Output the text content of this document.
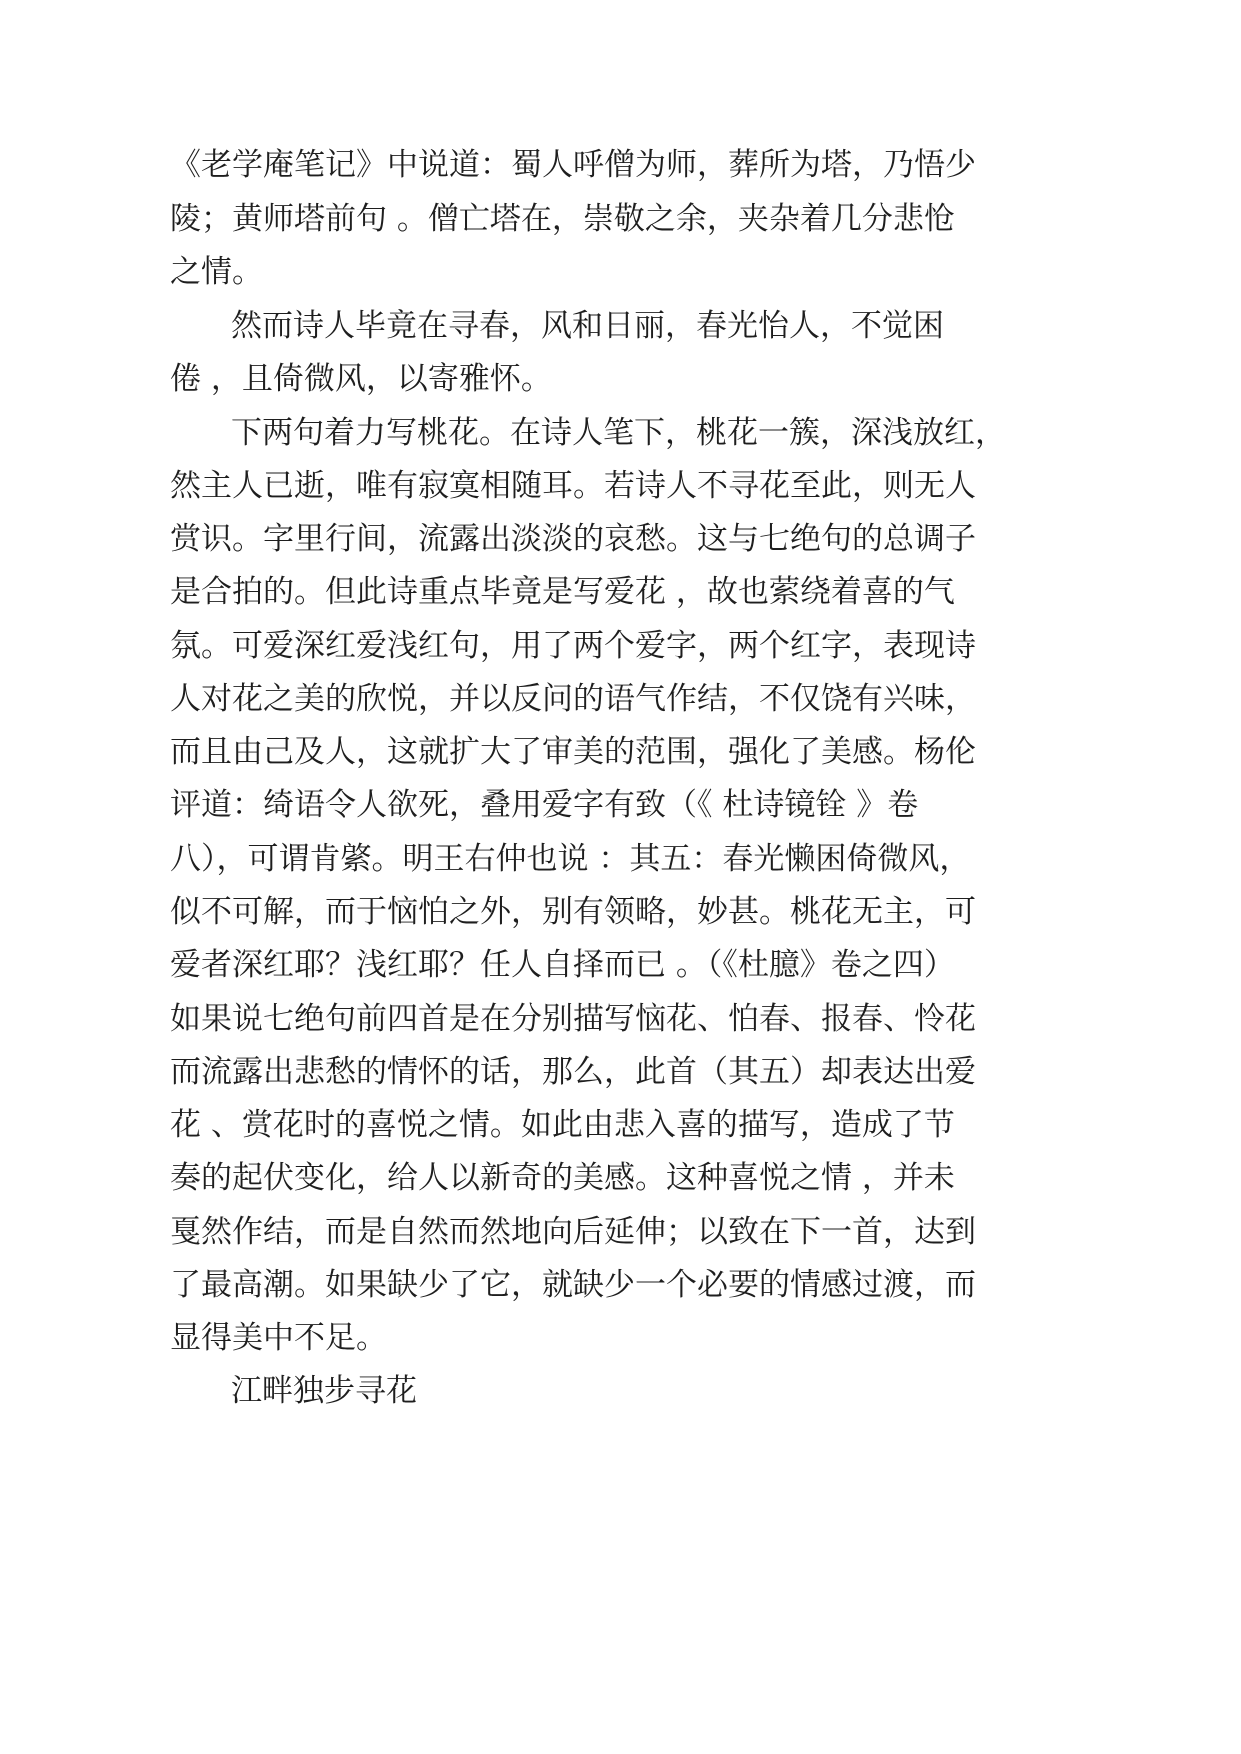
《老学庵笔记》中说道：蜀人呼僧为师，葬所为塔，乃悟少

陵；黄师塔前句 。僧亡塔在，崇敬之余，夹杂着几分悲怆

之情。

然而诗人毕竟在寻春，风和日丽，春光怡人，不觉困

倦 ，且倚微风，以寄雅怀。

下两句着力写桃花。在诗人笔下，桃花一簇，深浅放红，

然主人已逝，唯有寂寞相随耳。若诗人不寻花至此，则无人

赏识。字里行间，流露出淡淡的哀愁。这与七绝句的总调子

是合拍的。但此诗重点毕竟是写爱花 ，故也萦绕着喜的气

氛。可爱深红爱浅红句，用了两个爱字，两个红字，表现诗

人对花之美的欣悦，并以反问的语气作结，不仅饶有兴味，

而且由己及人，这就扩大了审美的范围，强化了美感。杨伦

评道：绮语令人欲死，叠用爱字有致（《 杜诗镜铨 》卷

八），可谓肯綮。明王右仲也说 ：其五：春光懒困倚微风，

似不可解，而于恼怕之外，别有领略，妙甚。桃花无主，可

爱者深红耶？浅红耶？任人自择而已 。（《杜臆》卷之四）

如果说七绝句前四首是在分别描写恼花、怕春、报春、怜花

而流露出悲愁的情怀的话，那么，此首（其五）却表达出爱

花 、赏花时的喜悦之情。如此由悲入喜的描写，造成了节

奏的起伏变化，给人以新奇的美感。这种喜悦之情 ，并未

戛然作结，而是自然而然地向后延伸；以致在下一首，达到

了最高潮。如果缺少了它，就缺少一个必要的情感过渡，而

显得美中不足。

江畔独步寻花
